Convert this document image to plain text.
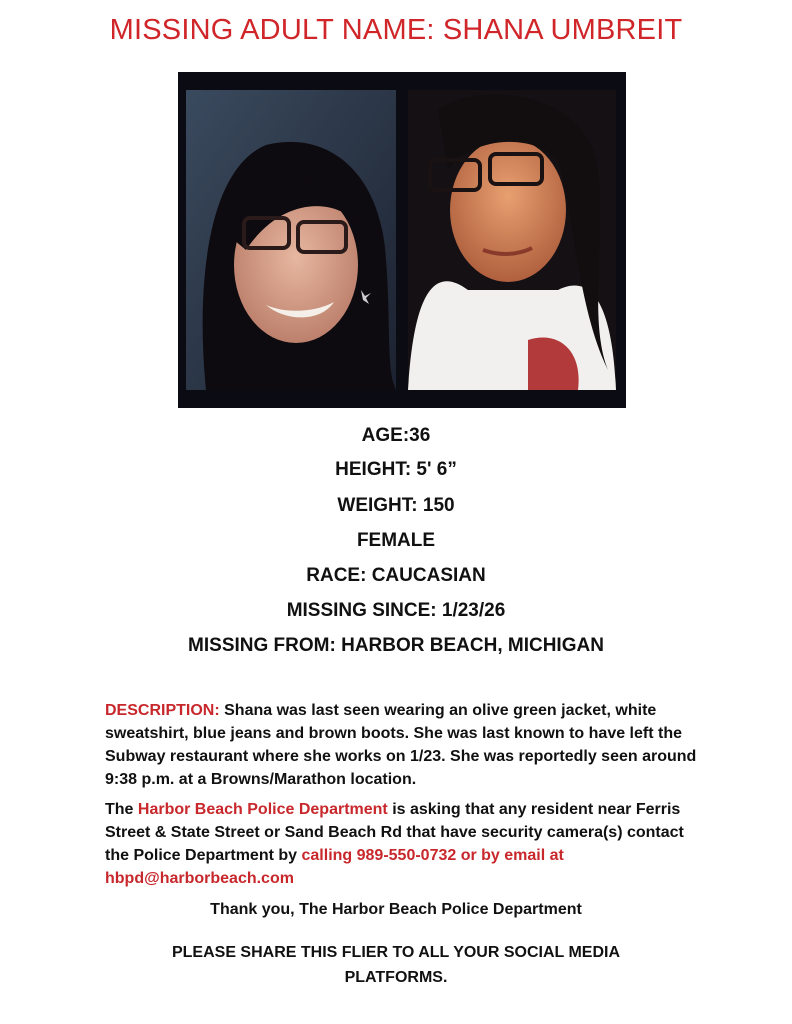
MISSING ADULT NAME: SHANA UMBREIT
AGE:36
HEIGHT: 5' 6”
WEIGHT: 150
FEMALE
RACE: CAUCASIAN
MISSING SINCE: 1/23/26
MISSING FROM: HARBOR BEACH, MICHIGAN
DESCRIPTION: Shana was last seen wearing an olive green jacket, white sweatshirt, blue jeans and brown boots. She was last known to have left the Subway restaurant where she works on 1/23. She was reportedly seen around 9:38 p.m. at a Browns/Marathon location.
The Harbor Beach Police Department is asking that any resident near Ferris Street & State Street or Sand Beach Rd that have security camera(s) contact the Police Department by calling 989-550-0732 or by email at hbpd@harborbeach.com
Thank you, The Harbor Beach Police Department
PLEASE SHARE THIS FLIER TO ALL YOUR SOCIAL MEDIA PLATFORMS.
